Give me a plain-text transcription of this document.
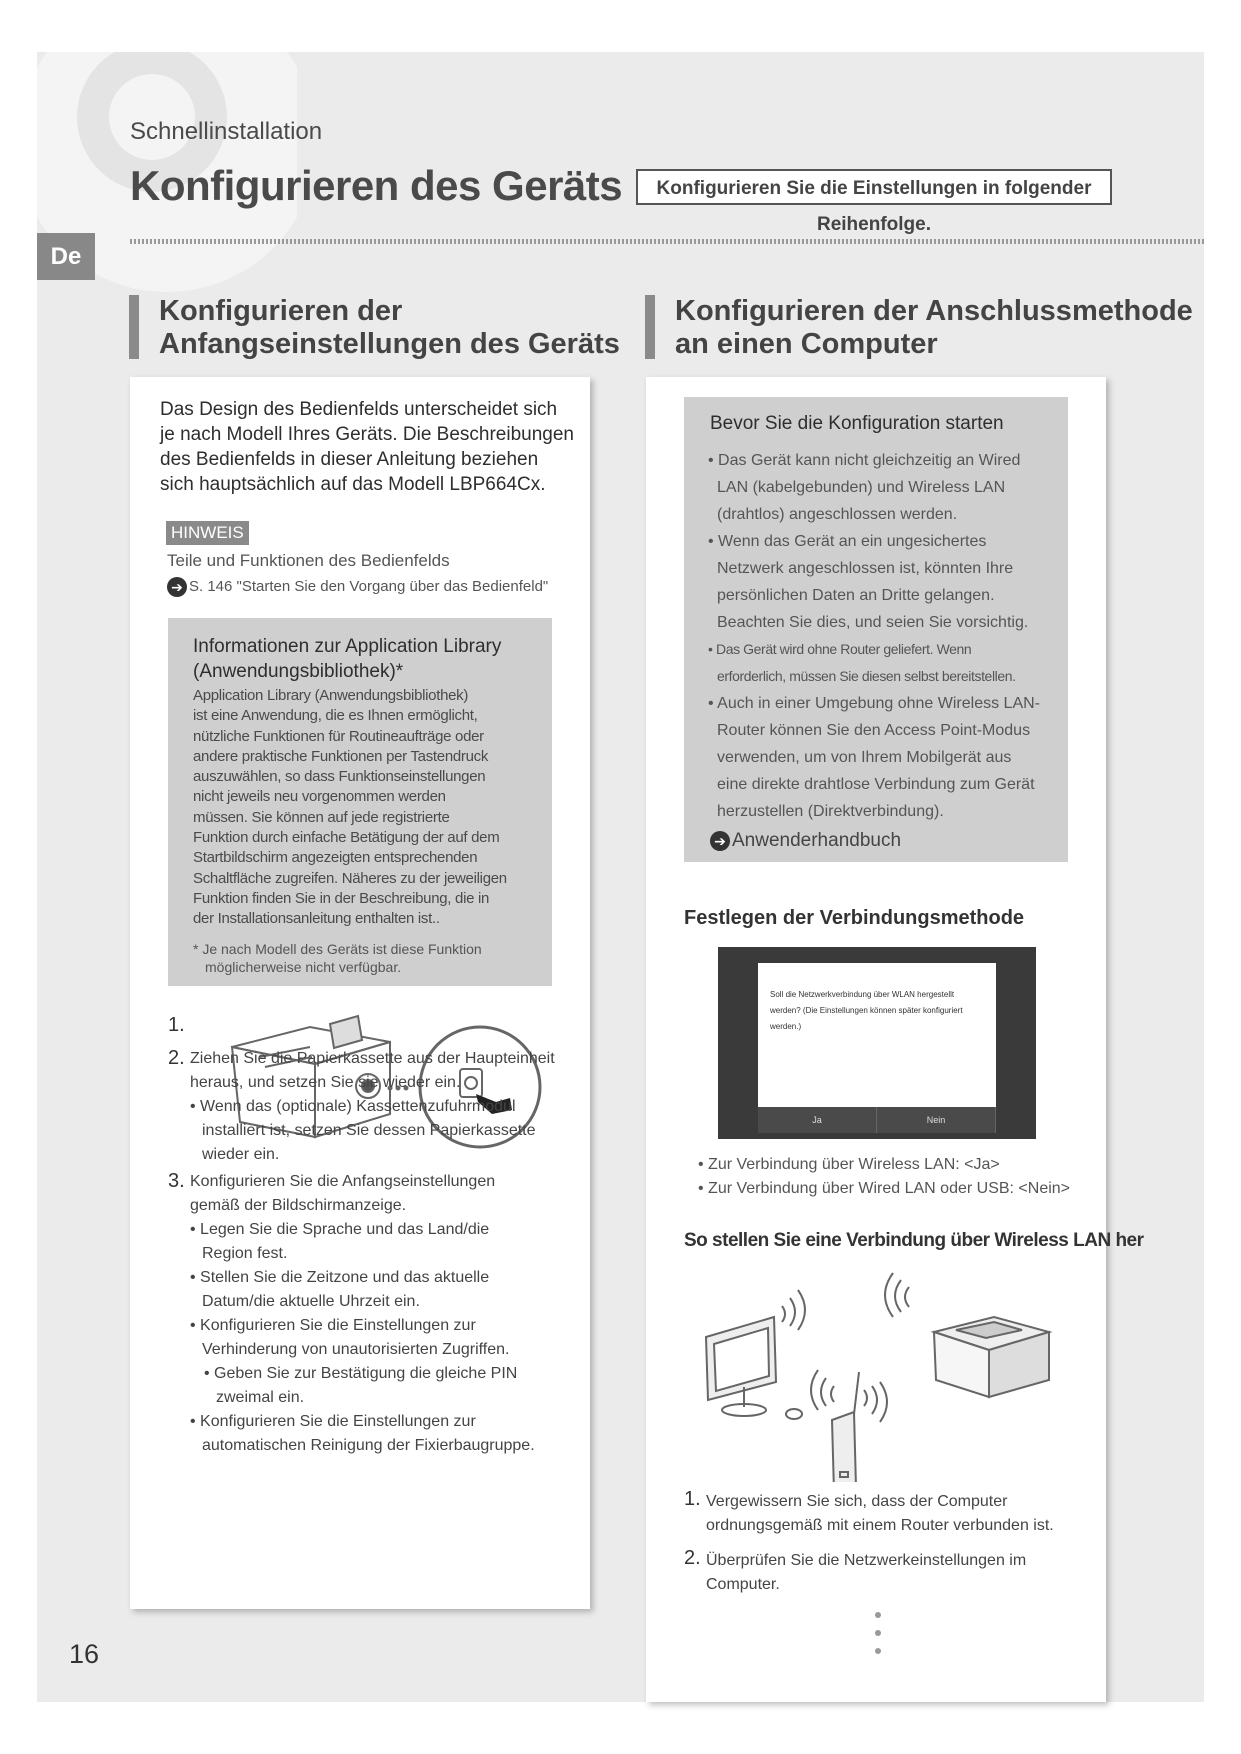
Schnellinstallation
Konfigurieren des Geräts	Konfigurieren Sie die Einstellungen in folgender Reihenfolge.
De
Konfigurieren der
Anfangseinstellungen des Geräts
Konfigurieren der Anschlussmethode
an einen Computer
Das Design des Bedienfelds unterscheidet sich
je nach Modell Ihres Geräts. Die Beschreibungen
des Bedienfelds in dieser Anleitung beziehen
sich hauptsächlich auf das Modell LBP664Cx.
HINWEIS
Teile und Funktionen des Bedienfelds
➔ S. 146 "Starten Sie den Vorgang über das Bedienfeld"
Informationen zur Application Library
(Anwendungsbibliothek)*
Application Library (Anwendungsbibliothek)
ist eine Anwendung, die es Ihnen ermöglicht,
nützliche Funktionen für Routineaufträge oder
andere praktische Funktionen per Tastendruck
auszuwählen, so dass Funktionseinstellungen
nicht jeweils neu vorgenommen werden
müssen. Sie können auf jede registrierte
Funktion durch einfache Betätigung der auf dem
Startbildschirm angezeigten entsprechenden
Schaltfläche zugreifen. Näheres zu der jeweiligen
Funktion finden Sie in der Beschreibung, die in
der Installationsanleitung enthalten ist..
* Je nach Modell des Geräts ist diese Funktion
möglicherweise nicht verfügbar.
1.
2. Ziehen Sie die Papierkassette aus der Haupteinheit
heraus, und setzen Sie sie wieder ein.
• Wenn das (optionale) Kassettenzufuhrmodul
installiert ist, setzen Sie dessen Papierkassette
wieder ein.
3. Konfigurieren Sie die Anfangseinstellungen
gemäß der Bildschirmanzeige.
• Legen Sie die Sprache und das Land/die
Region fest.
• Stellen Sie die Zeitzone und das aktuelle
Datum/die aktuelle Uhrzeit ein.
• Konfigurieren Sie die Einstellungen zur
Verhinderung von unautorisierten Zugriffen.
• Geben Sie zur Bestätigung die gleiche PIN
zweimal ein.
• Konfigurieren Sie die Einstellungen zur
automatischen Reinigung der Fixierbaugruppe.
Bevor Sie die Konfiguration starten
• Das Gerät kann nicht gleichzeitig an Wired
LAN (kabelgebunden) und Wireless LAN
(drahtlos) angeschlossen werden.
• Wenn das Gerät an ein ungesichertes
Netzwerk angeschlossen ist, könnten Ihre
persönlichen Daten an Dritte gelangen.
Beachten Sie dies, und seien Sie vorsichtig.
• Das Gerät wird ohne Router geliefert. Wenn
erforderlich, müssen Sie diesen selbst bereitstellen.
• Auch in einer Umgebung ohne Wireless LAN-
Router können Sie den Access Point-Modus
verwenden, um von Ihrem Mobilgerät aus
eine direkte drahtlose Verbindung zum Gerät
herzustellen (Direktverbindung).
➔ Anwenderhandbuch
Festlegen der Verbindungsmethode
Soll die Netzwerkverbindung über WLAN hergestellt
werden? (Die Einstellungen können später konfiguriert
werden.)
Ja	Nein
• Zur Verbindung über Wireless LAN: <Ja>
• Zur Verbindung über Wired LAN oder USB: <Nein>
So stellen Sie eine Verbindung über Wireless LAN her
1. Vergewissern Sie sich, dass der Computer
ordnungsgemäß mit einem Router verbunden ist.
2. Überprüfen Sie die Netzwerkeinstellungen im
Computer.
16
